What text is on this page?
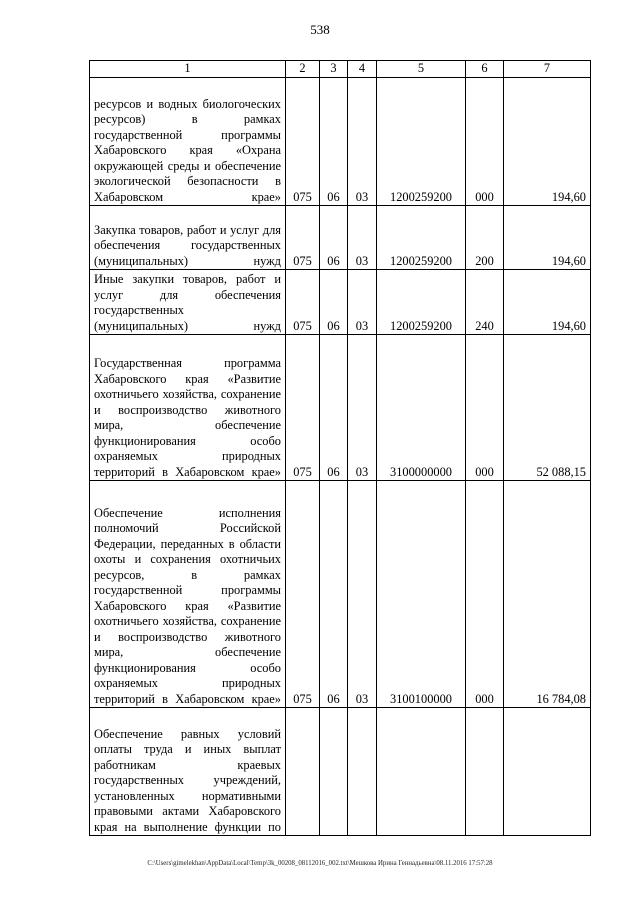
538
1	2	3	4	5	6	7
ресурсов и водных биологоческих ресурсов) в рамках государственной программы Хабаровского края «Охрана окружающей среды и обеспечение экологической безопасности в Хабаровском крае»	075	06	03	1200259200	000	194,60
Закупка товаров, работ и услуг для обеспечения государственных (муниципальных) нужд	075	06	03	1200259200	200	194,60
Иные закупки товаров, работ и услуг для обеспечения государственных (муниципальных) нужд	075	06	03	1200259200	240	194,60
Государственная программа Хабаровского края «Развитие охотничьего хозяйства, сохранение и воспроизводство животного мира, обеспечение функционирования особо охраняемых природных территорий в Хабаровском крае»	075	06	03	3100000000	000	52 088,15
Обеспечение исполнения полномочий Российской Федерации, переданных в области охоты и сохранения охотничьих ресурсов, в рамках государственной программы Хабаровского края «Развитие охотничьего хозяйства, сохранение и воспроизводство животного мира, обеспечение функционирования особо охраняемых природных территорий в Хабаровском крае»	075	06	03	3100100000	000	16 784,08
Обеспечение равных условий оплаты труда и иных выплат работникам краевых государственных учреждений, установленных нормативными правовыми актами Хабаровского края на выполнение функции по						
C:\Users\gimelekhan\AppData\Local\Temp\3k_00208_08112016_002.txt\Мешкова Ирина Геннадьевна\08.11.2016 17:57:28
